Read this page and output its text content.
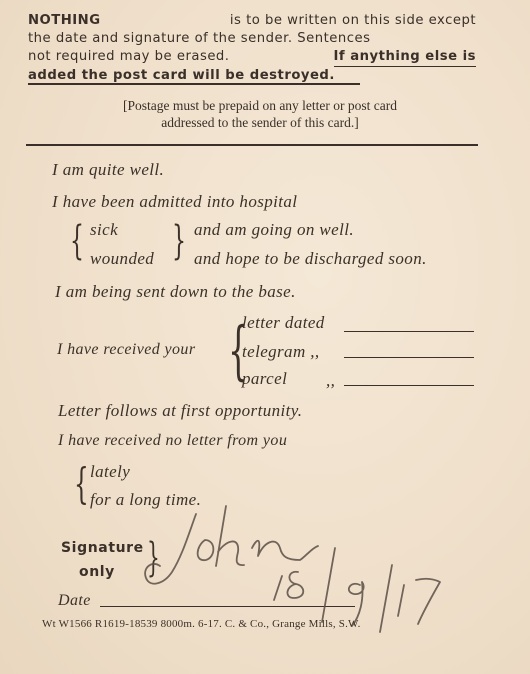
NOTHING	is to be written on this side except
the date and signature of the sender. Sentences
not required may be erased.	If anything else is
added the post card will be destroyed.
[Postage must be prepaid on any letter or post card
addressed to the sender of this card.]
I am quite well.
I have been admitted into hospital
{ sick
wounded } and am going on well.
and hope to be discharged soon.
I am being sent down to the base.
I have received your {
letter dated
telegram ,,
parcel ,,
Letter follows at first opportunity.
I have received no letter from you
{ lately
for a long time.
Signature
only }
Date
Wt W1566 R1619-18539 8000m. 6-17. C. & Co., Grange Mills, S.W.
